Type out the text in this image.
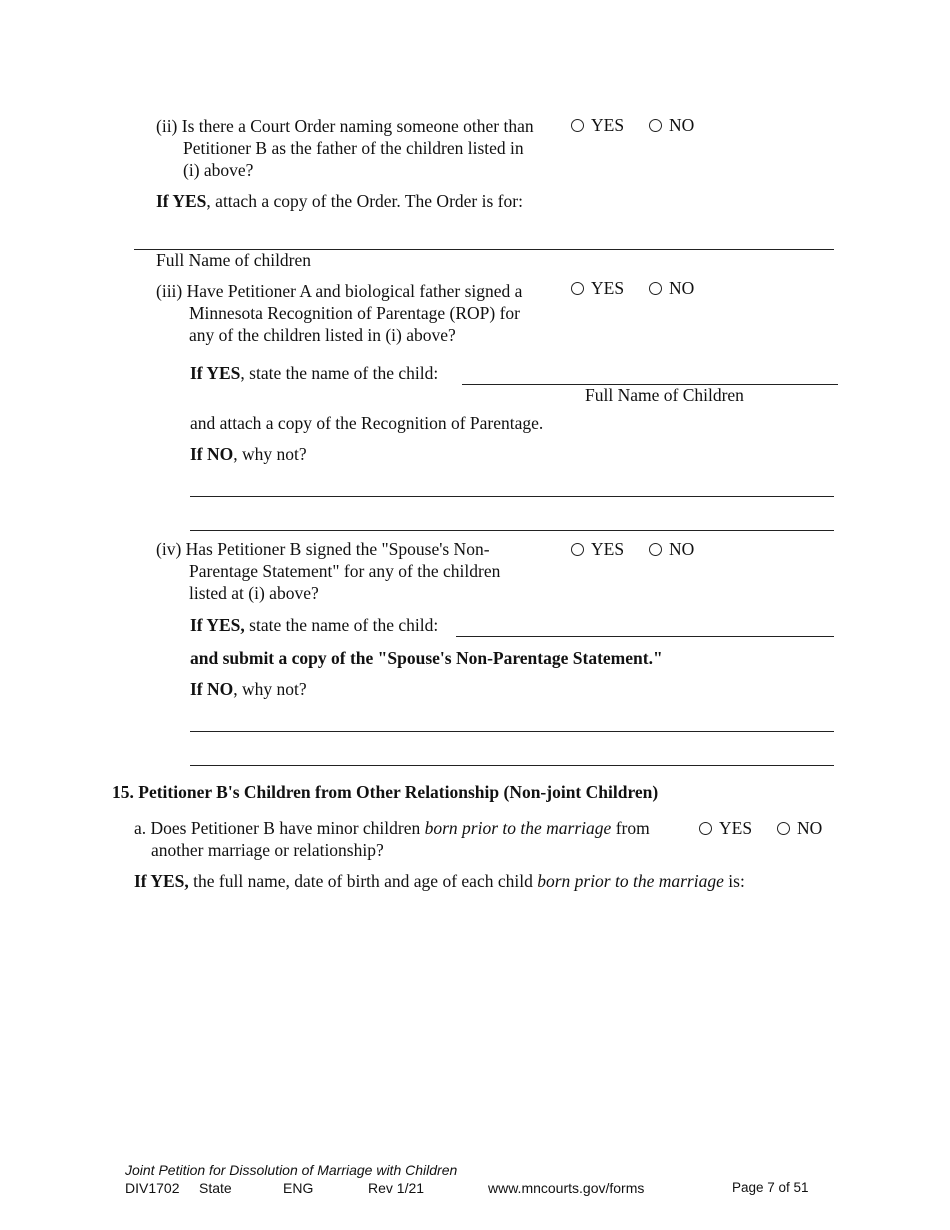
(ii) Is there a Court Order naming someone other than
Petitioner B as the father of the children listed in
(i) above?
YES	NO
If YES, attach a copy of the Order. The Order is for:
Full Name of children
(iii) Have Petitioner A and biological father signed a
Minnesota Recognition of Parentage (ROP) for
any of the children listed in (i) above?
YES	NO
If YES, state the name of the child:
Full Name of Children
and attach a copy of the Recognition of Parentage.
If NO, why not?
(iv) Has Petitioner B signed the "Spouse's Non-
Parentage Statement" for any of the children
listed at (i) above?
YES	NO
If YES, state the name of the child:
and submit a copy of the "Spouse's Non-Parentage Statement."
If NO, why not?
15. Petitioner B's Children from Other Relationship (Non-joint Children)
a. Does Petitioner B have minor children born prior to the marriage from
another marriage or relationship?
YES	NO
If YES, the full name, date of birth and age of each child born prior to the marriage is:
Joint Petition for Dissolution of Marriage with Children
DIV1702 State	ENG	Rev 1/21	www.mncourts.gov/forms	Page 7 of 51
